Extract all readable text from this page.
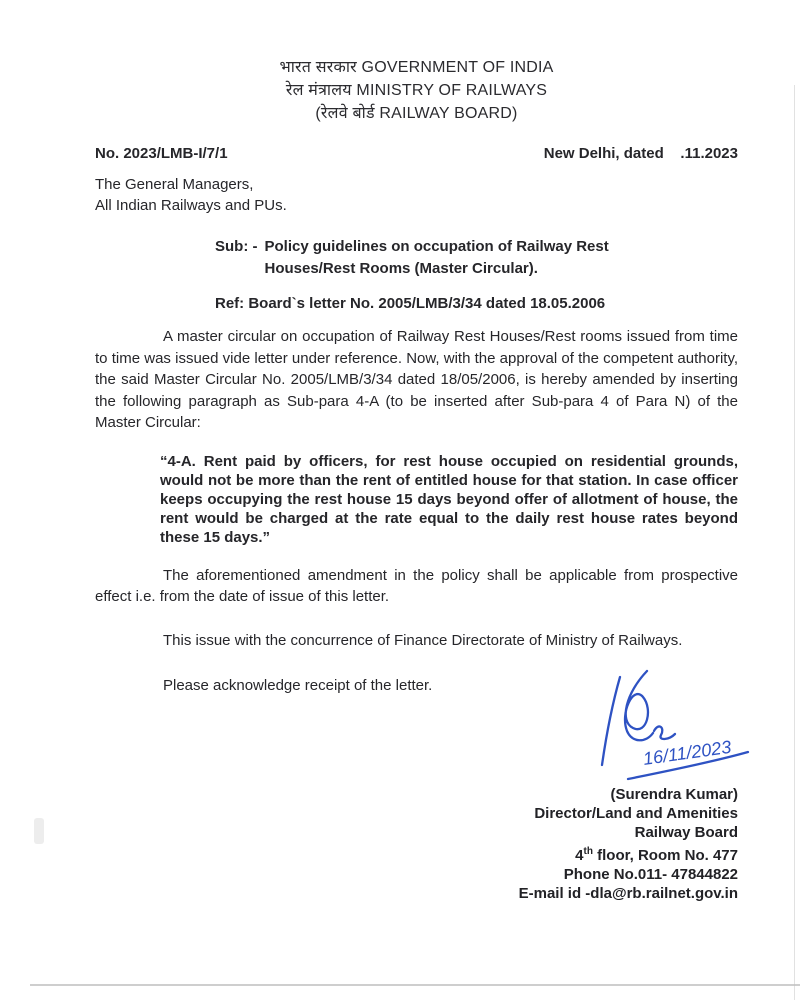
भारत सरकार GOVERNMENT OF INDIA
रेल मंत्रालय MINISTRY OF RAILWAYS
(रेलवे बोर्ड RAILWAY BOARD)
No. 2023/LMB-I/7/1	New Delhi, dated    .11.2023
The General Managers,
All Indian Railways and PUs.
Sub: - Policy guidelines on occupation of Railway Rest Houses/Rest Rooms (Master Circular).
Ref: Board`s letter No. 2005/LMB/3/34 dated 18.05.2006
A master circular on occupation of Railway Rest Houses/Rest rooms issued from time to time was issued vide letter under reference. Now, with the approval of the competent authority, the said Master Circular No. 2005/LMB/3/34 dated 18/05/2006, is hereby amended by inserting the following paragraph as Sub-para 4-A (to be inserted after Sub-para 4 of Para N) of the Master Circular:
“4-A. Rent paid by officers, for rest house occupied on residential grounds, would not be more than the rent of entitled house for that station. In case officer keeps occupying the rest house 15 days beyond offer of allotment of house, the rent would be charged at the rate equal to the daily rest house rates beyond these 15 days.”
The aforementioned amendment in the policy shall be applicable from prospective effect i.e. from the date of issue of this letter.
This issue with the concurrence of Finance Directorate of Ministry of Railways.
Please acknowledge receipt of the letter.
16/11/2023
(Surendra Kumar)
Director/Land and Amenities
Railway Board
4th floor, Room No. 477
Phone No.011- 47844822
E-mail id -dla@rb.railnet.gov.in
